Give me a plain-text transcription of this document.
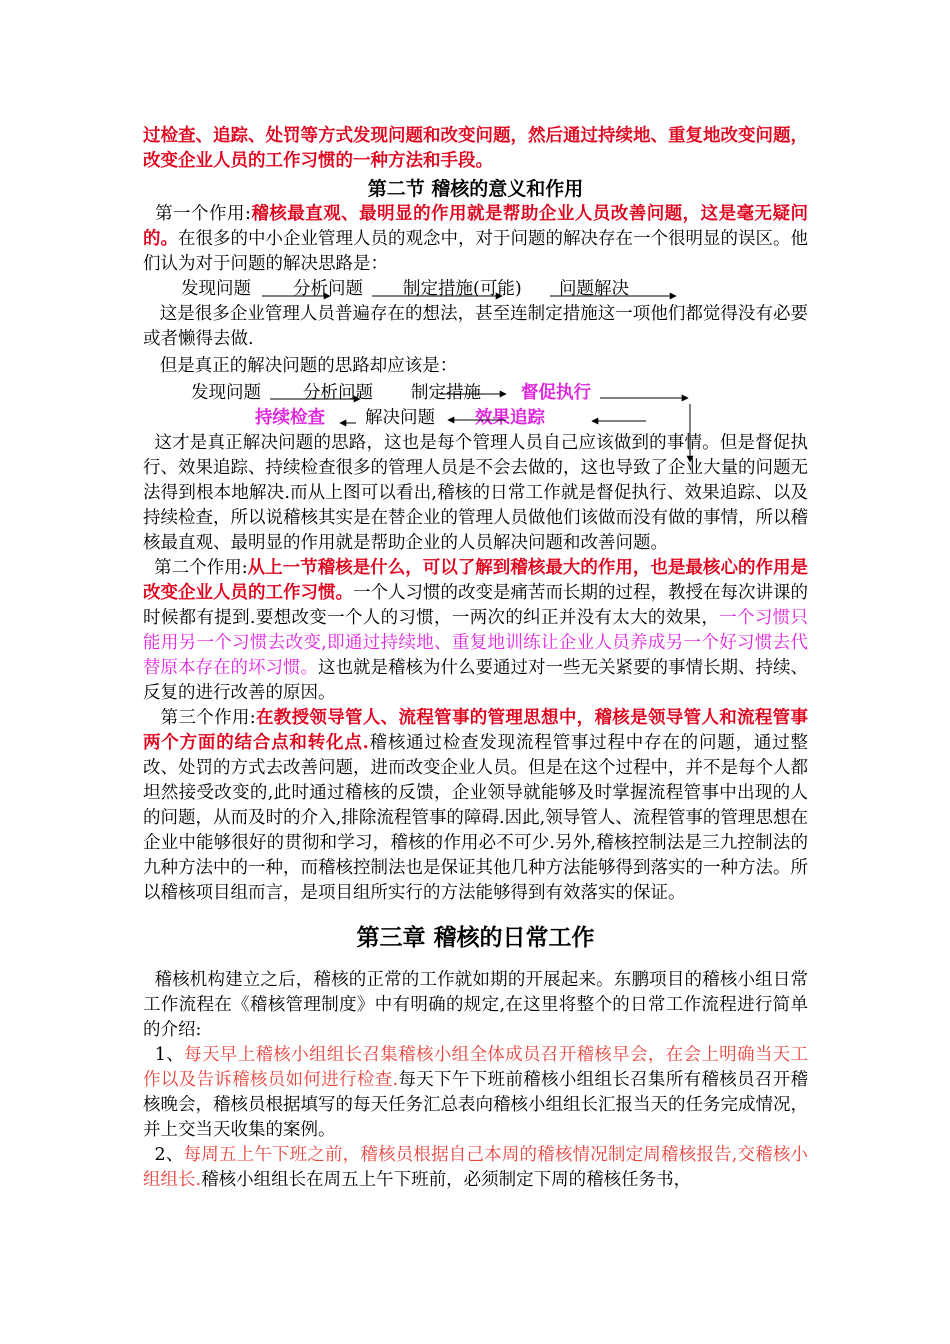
过检查、追踪、处罚等方式发现问题和改变问题，然后通过持续地、重复地改变问题，改变企业人员的工作习惯的一种方法和手段。

第二节 稽核的意义和作用

第一个作用:稽核最直观、最明显的作用就是帮助企业人员改善问题，这是毫无疑问的。在很多的中小企业管理人员的观念中，对于问题的解决存在一个很明显的误区。他们认为对于问题的解决思路是：

发现问题 分析问题 制定措施(可能) 问题解决

这是很多企业管理人员普遍存在的想法，甚至连制定措施这一项他们都觉得没有必要或者懒得去做.

但是真正的解决问题的思路却应该是：

发现问题 分析问题 制定措施 督促执行
持续检查 解决问题 效果追踪

这才是真正解决问题的思路，这也是每个管理人员自己应该做到的事情。但是督促执行、效果追踪、持续检查很多的管理人员是不会去做的，这也导致了企业大量的问题无法得到根本地解决.而从上图可以看出,稽核的日常工作就是督促执行、效果追踪、以及持续检查，所以说稽核其实是在替企业的管理人员做他们该做而没有做的事情，所以稽核最直观、最明显的作用就是帮助企业的人员解决问题和改善问题。

第二个作用:从上一节稽核是什么，可以了解到稽核最大的作用，也是最核心的作用是改变企业人员的工作习惯。一个人习惯的改变是痛苦而长期的过程，教授在每次讲课的时候都有提到.要想改变一个人的习惯，一两次的纠正并没有太大的效果，一个习惯只能用另一个习惯去改变,即通过持续地、重复地训练让企业人员养成另一个好习惯去代替原本存在的坏习惯。这也就是稽核为什么要通过对一些无关紧要的事情长期、持续、反复的进行改善的原因。

第三个作用:在教授领导管人、流程管事的管理思想中，稽核是领导管人和流程管事两个方面的结合点和转化点.稽核通过检查发现流程管事过程中存在的问题，通过整改、处罚的方式去改善问题，进而改变企业人员。但是在这个过程中，并不是每个人都坦然接受改变的,此时通过稽核的反馈，企业领导就能够及时掌握流程管事中出现的人的问题，从而及时的介入,排除流程管事的障碍.因此,领导管人、流程管事的管理思想在企业中能够很好的贯彻和学习，稽核的作用必不可少.另外,稽核控制法是三九控制法的九种方法中的一种，而稽核控制法也是保证其他几种方法能够得到落实的一种方法。所以稽核项目组而言，是项目组所实行的方法能够得到有效落实的保证。

第三章 稽核的日常工作

稽核机构建立之后，稽核的正常的工作就如期的开展起来。东鹏项目的稽核小组日常工作流程在《稽核管理制度》中有明确的规定,在这里将整个的日常工作流程进行简单的介绍:

1、每天早上稽核小组组长召集稽核小组全体成员召开稽核早会，在会上明确当天工作以及告诉稽核员如何进行检查.每天下午下班前稽核小组组长召集所有稽核员召开稽核晚会，稽核员根据填写的每天任务汇总表向稽核小组组长汇报当天的任务完成情况，并上交当天收集的案例。

2、每周五上午下班之前，稽核员根据自己本周的稽核情况制定周稽核报告,交稽核小组组长.稽核小组组长在周五上午下班前，必须制定下周的稽核任务书，
